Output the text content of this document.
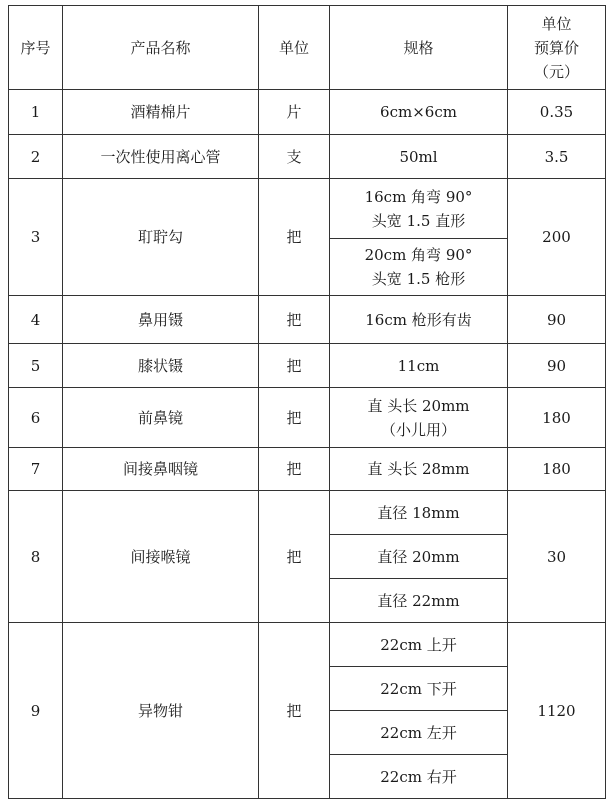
序号	产品名称	单位	规格	单位
预算价
（元）

1	酒精棉片	片	6cm×6cm	0.35
2	一次性使用离心管	支	50ml	3.5
3	耵聍勾	把	16cm 角弯 90°
头宽 1.5 直形	200

			20cm 角弯 90°
头宽 1.5 枪形	

4	鼻用镊	把	16cm 枪形有齿	90
5	膝状镊	把	11cm	90
6	前鼻镜	把	直 头长 20mm
（小儿用）	180
7	间接鼻咽镜	把	直 头长 28mm	180
8	间接喉镜	把	直径 18mm	30
			直径 20mm	
			直径 22mm	
9	异物钳	把	22cm 上开	1120
			22cm 下开	
			22cm 左开	
			22cm 右开	
